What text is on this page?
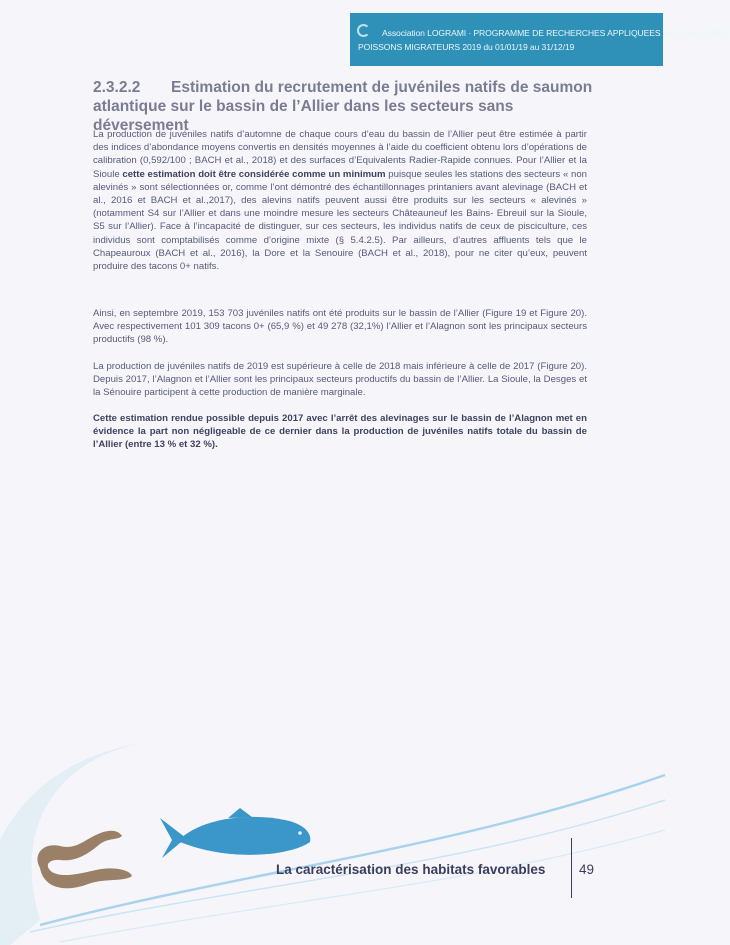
Association LOGRAMI · PROGRAMME DE RECHERCHES APPLIQUEES EN FAVEUR DES
POISSONS MIGRATEURS 2019 du 01/01/19 au 31/12/19
2.3.2.2 Estimation du recrutement de juvéniles natifs de saumon atlantique sur le bassin de l’Allier dans les secteurs sans déversement
La production de juvéniles natifs d’automne de chaque cours d’eau du bassin de l’Allier peut être estimée à partir des indices d’abondance moyens convertis en densités moyennes à l’aide du coefficient obtenu lors d’opérations de calibration (0,592/100 ; BACH et al., 2018) et des surfaces d’Equivalents Radier-Rapide connues. Pour l’Allier et la Sioule cette estimation doit être considérée comme un minimum puisque seules les stations des secteurs « non alevinés » sont sélectionnées or, comme l’ont démontré des échantillonnages printaniers avant alevinage (BACH et al., 2016 et BACH et al.,2017), des alevins natifs peuvent aussi être produits sur les secteurs « alevinés » (notamment S4 sur l’Allier et dans une moindre mesure les secteurs Châteauneuf les Bains- Ebreuil sur la Sioule, S5 sur l’Allier). Face à l’incapacité de distinguer, sur ces secteurs, les individus natifs de ceux de pisciculture, ces individus sont comptabilisés comme d’origine mixte (§ 5.4.2.5). Par ailleurs, d’autres affluents tels que le Chapeauroux (BACH et al., 2016), la Dore et la Senouire (BACH et al., 2018), pour ne citer qu’eux, peuvent produire des tacons 0+ natifs.
Ainsi, en septembre 2019, 153 703 juvéniles natifs ont été produits sur le bassin de l’Allier (Figure 19 et Figure 20). Avec respectivement 101 309 tacons 0+ (65,9 %) et 49 278 (32,1%) l’Allier et l’Alagnon sont les principaux secteurs productifs (98 %).
La production de juvéniles natifs de 2019 est supérieure à celle de 2018 mais inférieure à celle de 2017 (Figure 20). Depuis 2017, l’Alagnon et l’Allier sont les principaux secteurs productifs du bassin de l’Allier. La Sioule, la Desges et la Sénouire participent à cette production de manière marginale.
Cette estimation rendue possible depuis 2017 avec l’arrêt des alevinages sur le bassin de l’Alagnon met en évidence la part non négligeable de ce dernier dans la production de juvéniles natifs totale du bassin de l’Allier (entre 13 % et 32 %).
La caractérisation des habitats favorables 49
